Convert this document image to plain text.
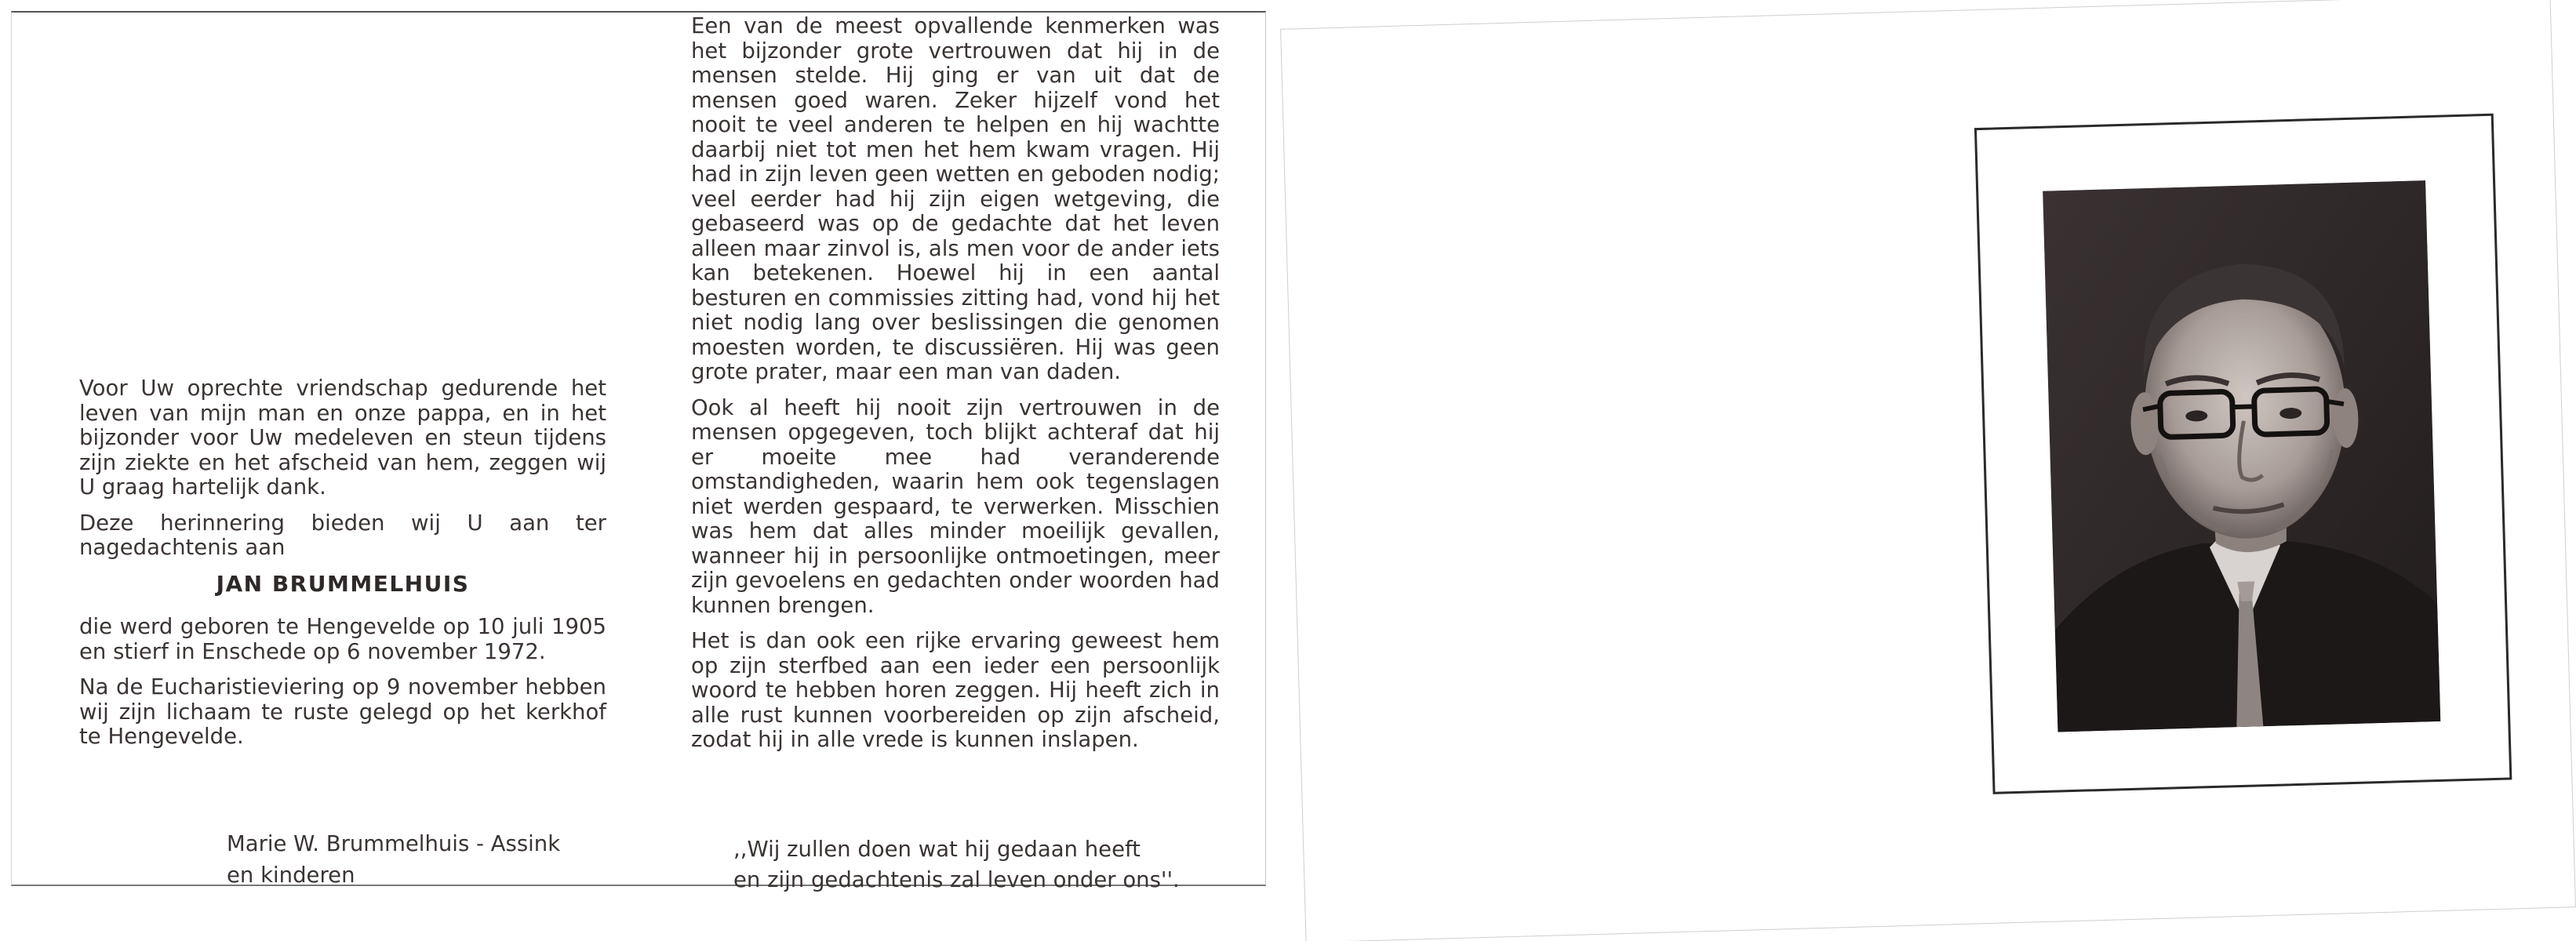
Voor Uw oprechte vriendschap gedurende het leven van mijn man en onze pappa, en in het bijzonder voor Uw medeleven en steun tijdens zijn ziekte en het afscheid van hem, zeggen wij U graag hartelijk dank.

Deze herinnering bieden wij U aan ter nagedachtenis aan

JAN BRUMMELHUIS

die werd geboren te Hengevelde op 10 juli 1905 en stierf in Enschede op 6 november 1972.

Na de Eucharistieviering op 9 november hebben wij zijn lichaam te ruste gelegd op het kerkhof te Hengevelde.

Marie W. Brummelhuis - Assink
en kinderen

Een van de meest opvallende kenmerken was het bijzonder grote vertrouwen dat hij in de mensen stelde. Hij ging er van uit dat de mensen goed waren. Zeker hijzelf vond het nooit te veel anderen te helpen en hij wachtte daarbij niet tot men het hem kwam vragen. Hij had in zijn leven geen wetten en geboden nodig; veel eerder had hij zijn eigen wetgeving, die gebaseerd was op de gedachte dat het leven alleen maar zinvol is, als men voor de ander iets kan betekenen. Hoewel hij in een aantal besturen en commissies zitting had, vond hij het niet nodig lang over beslissingen die genomen moesten worden, te discussiëren. Hij was geen grote prater, maar een man van daden.

Ook al heeft hij nooit zijn vertrouwen in de mensen opgegeven, toch blijkt achteraf dat hij er moeite mee had veranderende omstandigheden, waarin hem ook tegenslagen niet werden gespaard, te verwerken. Misschien was hem dat alles minder moeilijk gevallen, wanneer hij in persoonlijke ontmoetingen, meer zijn gevoelens en gedachten onder woorden had kunnen brengen.

Het is dan ook een rijke ervaring geweest hem op zijn sterfbed aan een ieder een persoonlijk woord te hebben horen zeggen. Hij heeft zich in alle rust kunnen voorbereiden op zijn afscheid, zodat hij in alle vrede is kunnen inslapen.

,,Wij zullen doen wat hij gedaan heeft
en zijn gedachtenis zal leven onder ons''.
